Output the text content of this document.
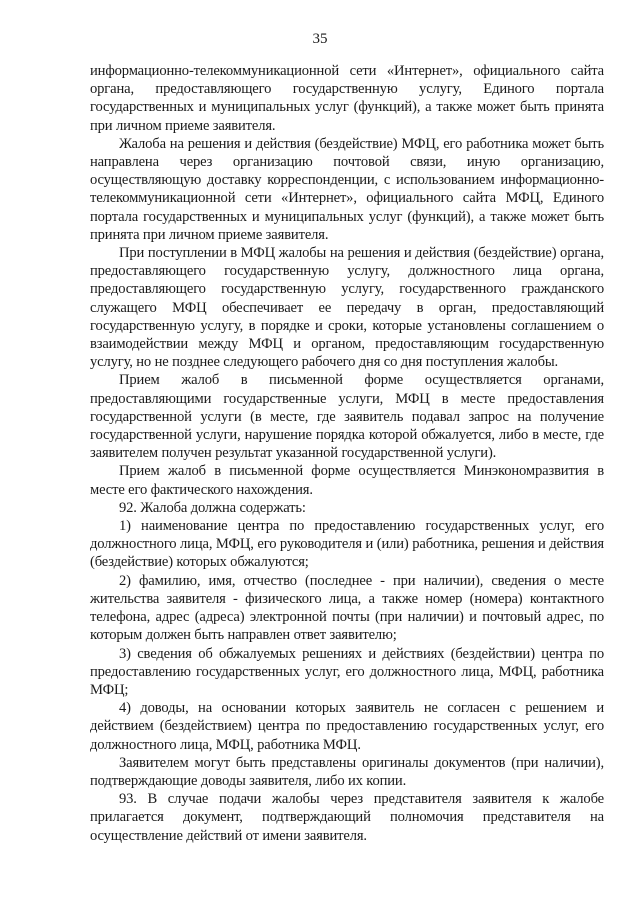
35

информационно-телекоммуникационной сети «Интернет», официального сайта органа, предоставляющего государственную услугу, Единого портала государственных и муниципальных услуг (функций), а также может быть принята при личном приеме заявителя.

Жалоба на решения и действия (бездействие) МФЦ, его работника может быть направлена через организацию почтовой связи, иную организацию, осуществляющую доставку корреспонденции, с использованием информационно-телекоммуникационной сети «Интернет», официального сайта МФЦ, Единого портала государственных и муниципальных услуг (функций), а также может быть принята при личном приеме заявителя.

При поступлении в МФЦ жалобы на решения и действия (бездействие) органа, предоставляющего государственную услугу, должностного лица органа, предоставляющего государственную услугу, государственного гражданского служащего МФЦ обеспечивает ее передачу в орган, предоставляющий государственную услугу, в порядке и сроки, которые установлены соглашением о взаимодействии между МФЦ и органом, предоставляющим государственную услугу, но не позднее следующего рабочего дня со дня поступления жалобы.

Прием жалоб в письменной форме осуществляется органами, предоставляющими государственные услуги, МФЦ в месте предоставления государственной услуги (в месте, где заявитель подавал запрос на получение государственной услуги, нарушение порядка которой обжалуется, либо в месте, где заявителем получен результат указанной государственной услуги).

Прием жалоб в письменной форме осуществляется Минэкономразвития в месте его фактического нахождения.

92. Жалоба должна содержать:

1) наименование центра по предоставлению государственных услуг, его должностного лица, МФЦ, его руководителя и (или) работника, решения и действия (бездействие) которых обжалуются;

2) фамилию, имя, отчество (последнее - при наличии), сведения о месте жительства заявителя - физического лица, а также номер (номера) контактного телефона, адрес (адреса) электронной почты (при наличии) и почтовый адрес, по которым должен быть направлен ответ заявителю;

3) сведения об обжалуемых решениях и действиях (бездействии) центра по предоставлению государственных услуг, его должностного лица, МФЦ, работника МФЦ;

4) доводы, на основании которых заявитель не согласен с решением и действием (бездействием) центра по предоставлению государственных услуг, его должностного лица, МФЦ, работника МФЦ.

Заявителем могут быть представлены оригиналы документов (при наличии), подтверждающие доводы заявителя, либо их копии.

93. В случае подачи жалобы через представителя заявителя к жалобе прилагается документ, подтверждающий полномочия представителя на осуществление действий от имени заявителя.
